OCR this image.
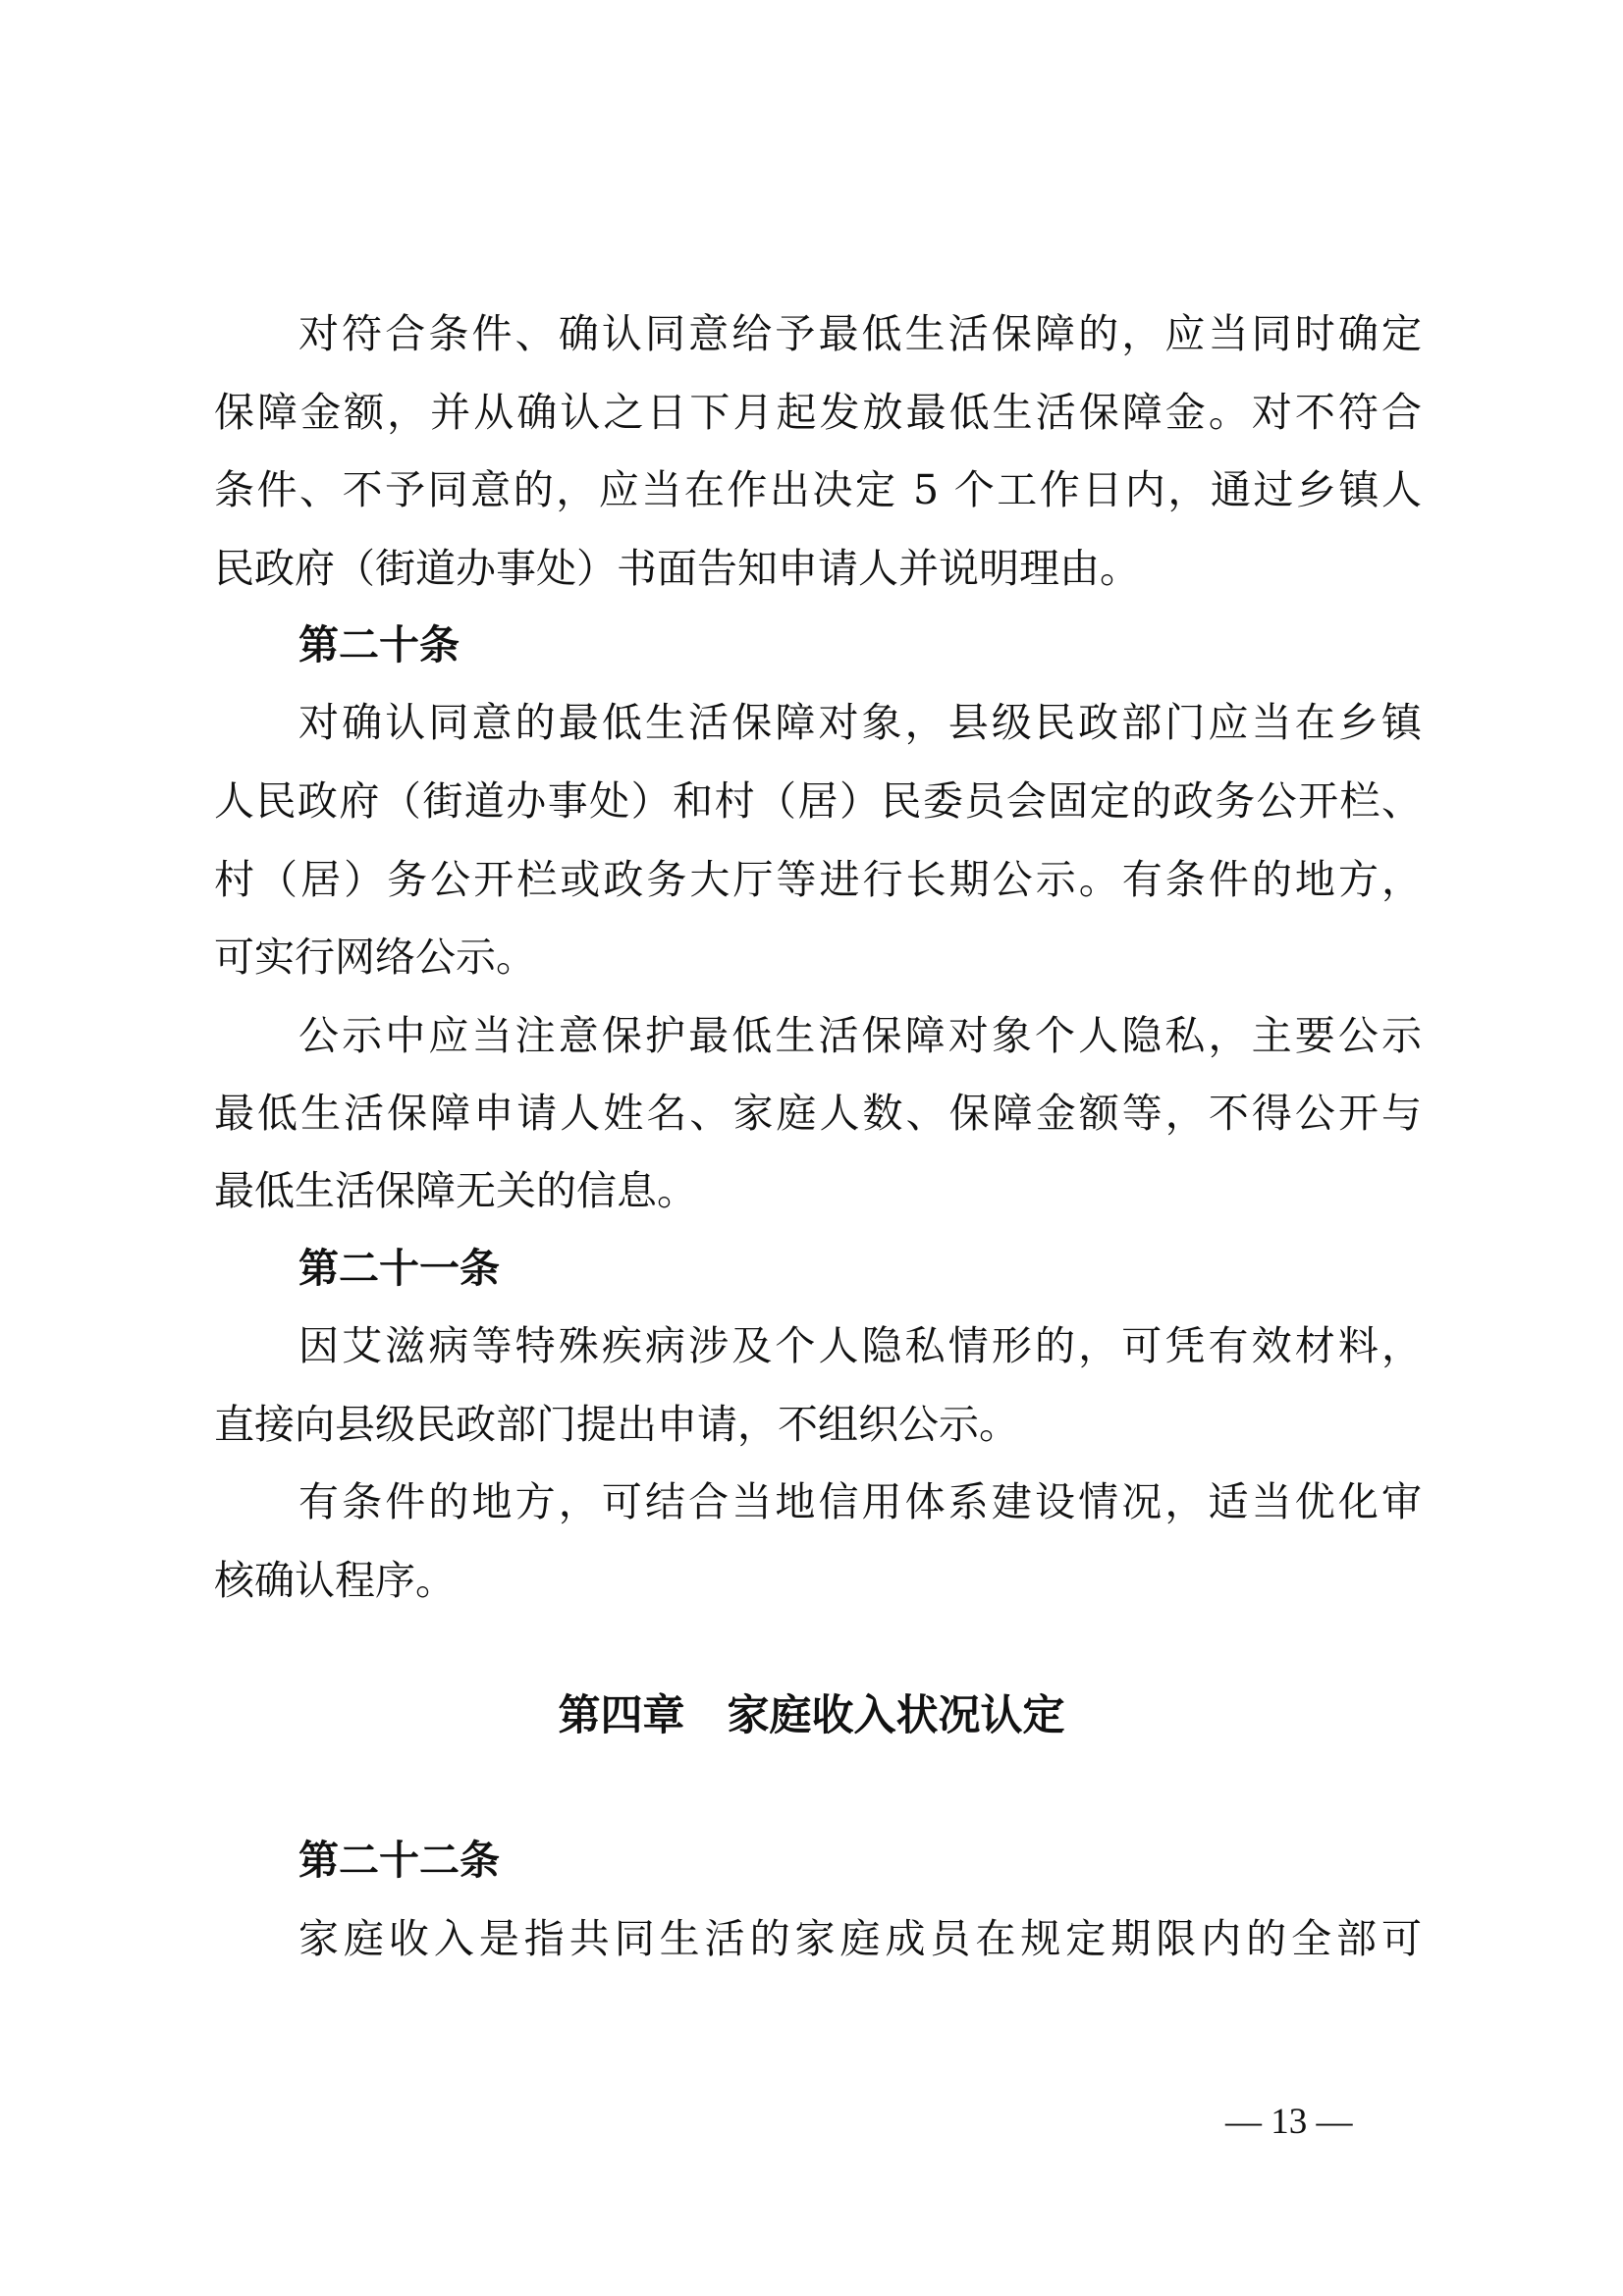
对符合条件、确认同意给予最低生活保障的，应当同时确定
保障金额，并从确认之日下月起发放最低生活保障金。对不符合
条件、不予同意的，应当在作出决定 5 个工作日内，通过乡镇人
民政府（街道办事处）书面告知申请人并说明理由。
第二十条
对确认同意的最低生活保障对象，县级民政部门应当在乡镇
人民政府（街道办事处）和村（居）民委员会固定的政务公开栏、
村（居）务公开栏或政务大厅等进行长期公示。有条件的地方，
可实行网络公示。
公示中应当注意保护最低生活保障对象个人隐私，主要公示
最低生活保障申请人姓名、家庭人数、保障金额等，不得公开与
最低生活保障无关的信息。
第二十一条
因艾滋病等特殊疾病涉及个人隐私情形的，可凭有效材料，
直接向县级民政部门提出申请，不组织公示。
有条件的地方，可结合当地信用体系建设情况，适当优化审
核确认程序。
第四章　家庭收入状况认定
第二十二条
家庭收入是指共同生活的家庭成员在规定期限内的全部可
— 13 —
